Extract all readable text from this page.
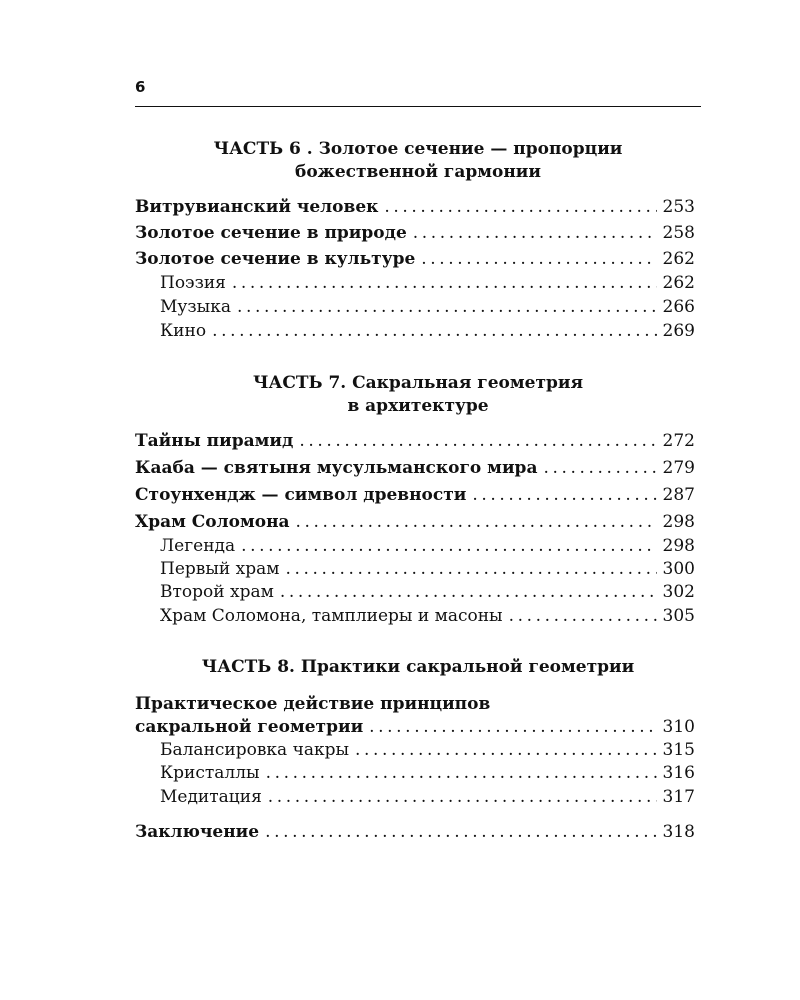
6
ЧАСТЬ 6 . Золотое сечение — пропорции
божественной гармонии
Витрувианский человек .....	253
Золотое сечение в природе .....	258
Золотое сечение в культуре .....	262
Поэзия .....	262
Музыка .....	266
Кино .....	269
ЧАСТЬ 7. Сакральная геометрия
в архитектуре
Тайны пирамид .....	272
Кааба — святыня мусульманского мира .....	279
Стоунхендж — символ древности .....	287
Храм Соломона .....	298
Легенда .....	298
Первый храм .....	300
Второй храм .....	302
Храм Соломона, тамплиеры и масоны .....	305
ЧАСТЬ 8. Практики сакральной геометрии
Практическое действие принципов
сакральной геометрии .....	310
Балансировка чакры .....	315
Кристаллы .....	316
Медитация .....	317
Заключение .....	318
